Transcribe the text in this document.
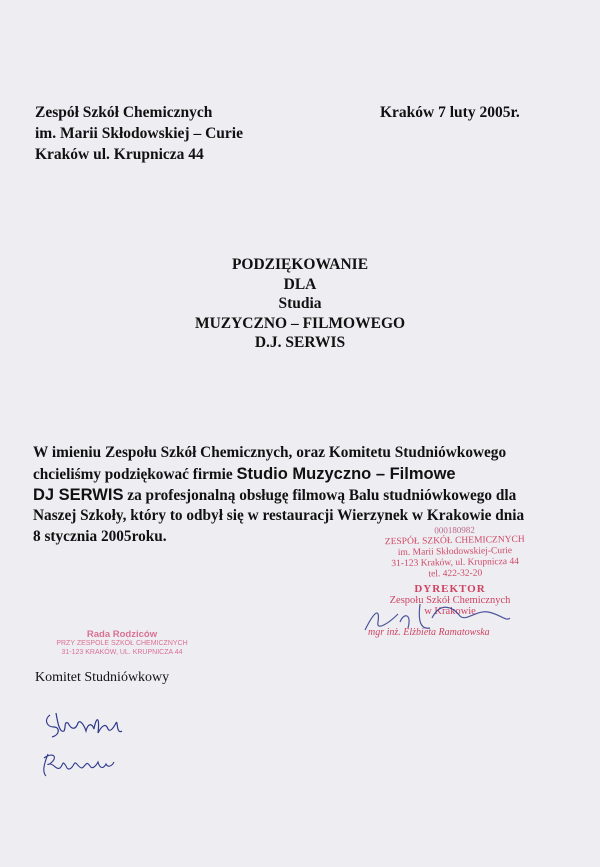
Zespół Szkół Chemicznych
im. Marii Skłodowskiej – Curie
Kraków ul. Krupnicza 44
Kraków 7 luty 2005r.
PODZIĘKOWANIE
DLA
Studia
MUZYCZNO – FILMOWEGO
D.J. SERWIS
W imieniu Zespołu Szkół Chemicznych, oraz Komitetu Studniówkowego
chcieliśmy podziękować firmie Studio Muzyczno – Filmowe
DJ SERWIS za profesjonalną obsługę filmową Balu studniówkowego dla
Naszej Szkoły, który to odbył się w restauracji Wierzynek w Krakowie dnia
8 stycznia 2005roku.	000180982
ZESPÓŁ SZKÓŁ CHEMICZNYCH
im. Marii Skłodowskiej-Curie
31-123 Kraków, ul. Krupnicza 44
tel. 422-32-20
DYREKTOR
Zespołu Szkół Chemicznych
w Krakowie
mgr inż. Elżbieta Ramatowska
Rada Rodziców
PRZY ZESPOLE SZKÓŁ CHEMICZNYCH
31-123 KRAKÓW, UL. KRUPNICZA 44
Komitet Studniówkowy
